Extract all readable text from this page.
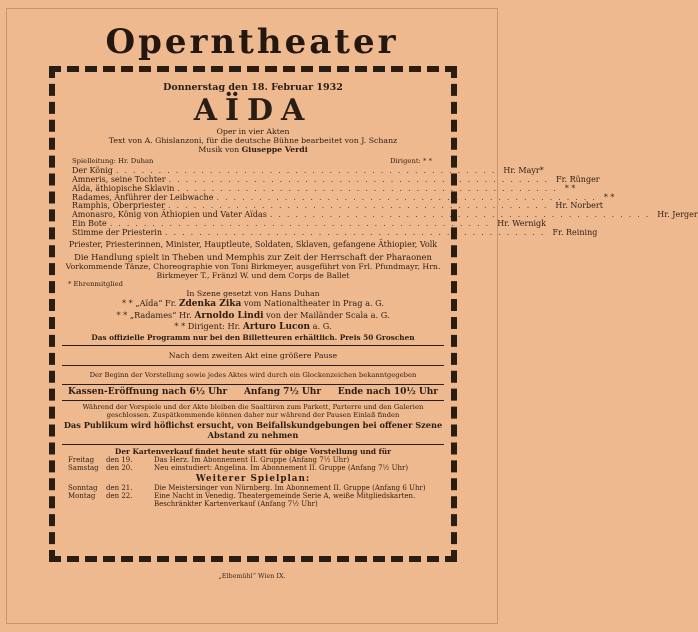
Operntheater
Donnerstag den 18. Februar 1932
AÏDA
Oper in vier Akten
Text von A. Ghislanzoni, für die deutsche Bühne bearbeitet von J. Schanz
Musik von Giuseppe Verdi
Spielleitung: Hr. Duhan	Dirigent: * *
Der König ............................................. Hr. Mayr*
Amneris, seine Tochter ............................................. Fr. Rünger
Aïda, äthiopische Sklavin ............................................. * *
Radames, Anführer der Leibwache ............................................. * *
Ramphis, Oberpriester ............................................. Hr. Norbert
Amonasro, König von Äthiopien und Vater Aïdas ............................................. Hr. Jerger
Ein Bote ............................................. Hr. Wernigk
Stimme der Priesterin ............................................. Fr. Reining
Priester, Priesterinnen, Minister, Hauptleute, Soldaten, Sklaven, gefangene Äthiopier, Volk
Die Handlung spielt in Theben und Memphis zur Zeit der Herrschaft der Pharaonen
Vorkommende Tänze, Choreographie von Toni Birkmeyer, ausgeführt von Frl. Pfundmayr, Hrn. Birkmeyer T., Fränzl W. und dem Corps de Ballet
* Ehrenmitglied
In Szene gesetzt von Hans Duhan
* * „Aïda“ Fr. Zdenka Zika vom Nationaltheater in Prag a. G.
* * „Radames“ Hr. Arnoldo Lindi von der Mailänder Scala a. G.
* * Dirigent: Hr. Arturo Lucon a. G.
Das offizielle Programm nur bei den Billetteuren erhältlich. Preis 50 Groschen
Nach dem zweiten Akt eine größere Pause
Der Beginn der Vorstellung sowie jedes Aktes wird durch ein Glockenzeichen bekanntgegeben
Kassen-Eröffnung nach 6½ Uhr Anfang 7½ Uhr Ende nach 10½ Uhr
Während der Vorspiele und der Akte bleiben die Saaltüren zum Parkett, Parterre und den Galerien geschlossen. Zuspätkommende können daher nur während der Pausen Einlaß finden
Das Publikum wird höflichst ersucht, von Beifallskundgebungen bei offener Szene Abstand zu nehmen
Der Kartenverkauf findet heute statt für obige Vorstellung und für
Freitag	den 19.	Das Herz. Im Abonnement II. Gruppe (Anfang 7½ Uhr)
Samstag	den 20.	Neu einstudiert: Angelina. Im Abonnement II. Gruppe (Anfang 7½ Uhr)
Weiterer Spielplan:
Sonntag	den 21.	Die Meistersinger von Nürnberg. Im Abonnement II. Gruppe (Anfang 6 Uhr)
Montag	den 22.	Eine Nacht in Venedig. Theatergemeinde Serie A, weiße Mitgliedskarten. Beschränkter Kartenverkauf (Anfang 7½ Uhr)
„Elbemühl“ Wien IX.
